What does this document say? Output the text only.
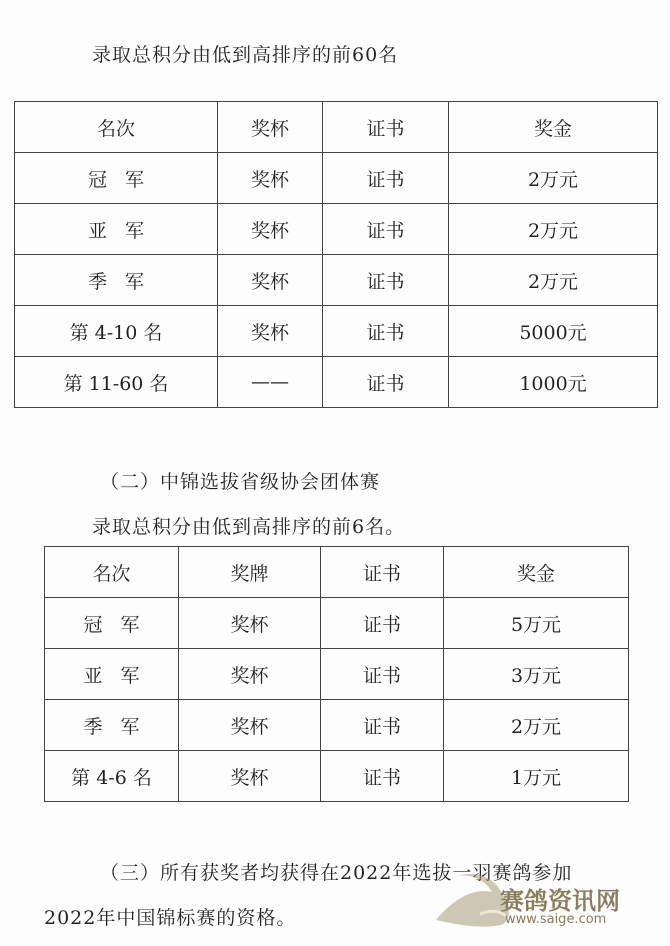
录取总积分由低到高排序的前60名
名次	奖杯	证书	奖金
冠   军	奖杯	证书	2万元
亚   军	奖杯	证书	2万元
季   军	奖杯	证书	2万元
第 4-10 名	奖杯	证书	5000元
第 11-60 名	——	证书	1000元
（二）中锦选拔省级协会团体赛
录取总积分由低到高排序的前6名。
名次	奖牌	证书	奖金
冠   军	奖杯	证书	5万元
亚   军	奖杯	证书	3万元
季   军	奖杯	证书	2万元
第 4-6 名	奖杯	证书	1万元
（三）所有获奖者均获得在2022年选拔一羽赛鸽参加
2022年中国锦标赛的资格。
赛鸽资讯网
www.saige.com
